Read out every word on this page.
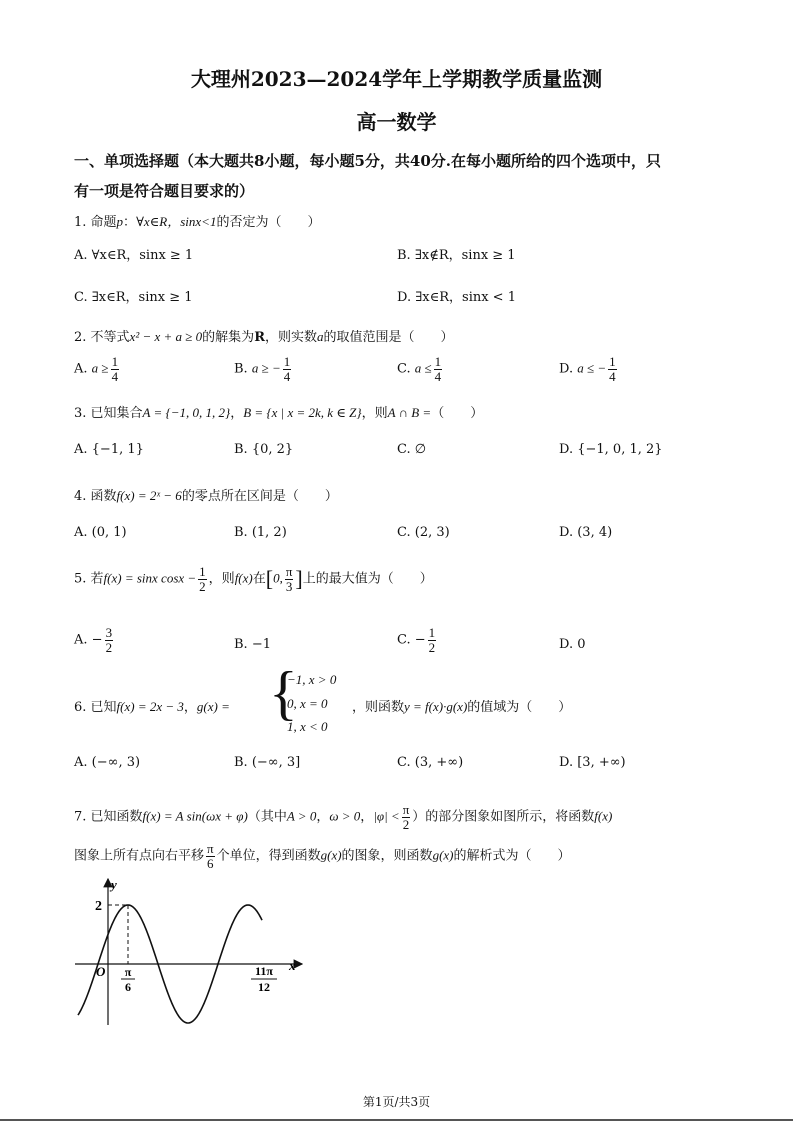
大理州2023—2024学年上学期教学质量监测
高一数学
一、单项选择题（本大题共8小题，每小题5分，共40分.在每小题所给的四个选项中，只
有一项是符合题目要求的）
1. 命题p：∀x∈R，sinx<1的否定为（　　）
A. ∀x∈R，sinx ≥ 1	B. ∃x∉R，sinx ≥ 1
C. ∃x∈R，sinx ≥ 1	D. ∃x∈R，sinx < 1
2. 不等式x² − x + a ≥ 0的解集为R，则实数a的取值范围是（　　）
A. $a \ge \frac{1}{4}$	B. a ≥ − $\frac{1}{4}$	C. $a \le \frac{1}{4}$	D. a ≤ − $\frac{1}{4}$
3. 已知集合A = {−1, 0, 1, 2}，B = {x | x = 2k, k ∈ Z}，则A ∩ B =（　　）
A. {−1, 1}	B. {0, 2}	C. ∅	D. {−1, 0, 1, 2}
4. 函数f(x) = 2ˣ − 6的零点所在区间是（　　）
A. (0, 1)	B. (1, 2)	C. (2, 3)	D. (3, 4)
5. 若f(x) = sinx $\cos x - \frac{1}{2}$ ，则f(x)在[0, $\frac{\pi}{3}$ ]上的最大值为（　　）
A. − $\frac{3}{2}$	B. −1	C. − $\frac{1}{2}$	D. 0
6. 已知f(x) = 2x − 3，g(x) = {
−1, x > 0
0, x = 0
1, x < 0
，则函数y = f(x)·g(x)的值域为（　　）
A. (−∞, 3)	B. (−∞, 3]	C. (3, +∞)	D. [3, +∞)
7. 已知函数f(x) = A sin(ωx + φ)（其中A > 0，ω > 0，$|\varphi| < \frac{\pi}{2}$ ）的部分图象如图所示，将函数f(x)
图象上所有点向右平移 $\frac{\pi}{6}$ 个单位，得到函数g(x)的图象，则函数g(x)的解析式为（　　）
y
x
O
2
π
6
11π
12
第1页/共3页
